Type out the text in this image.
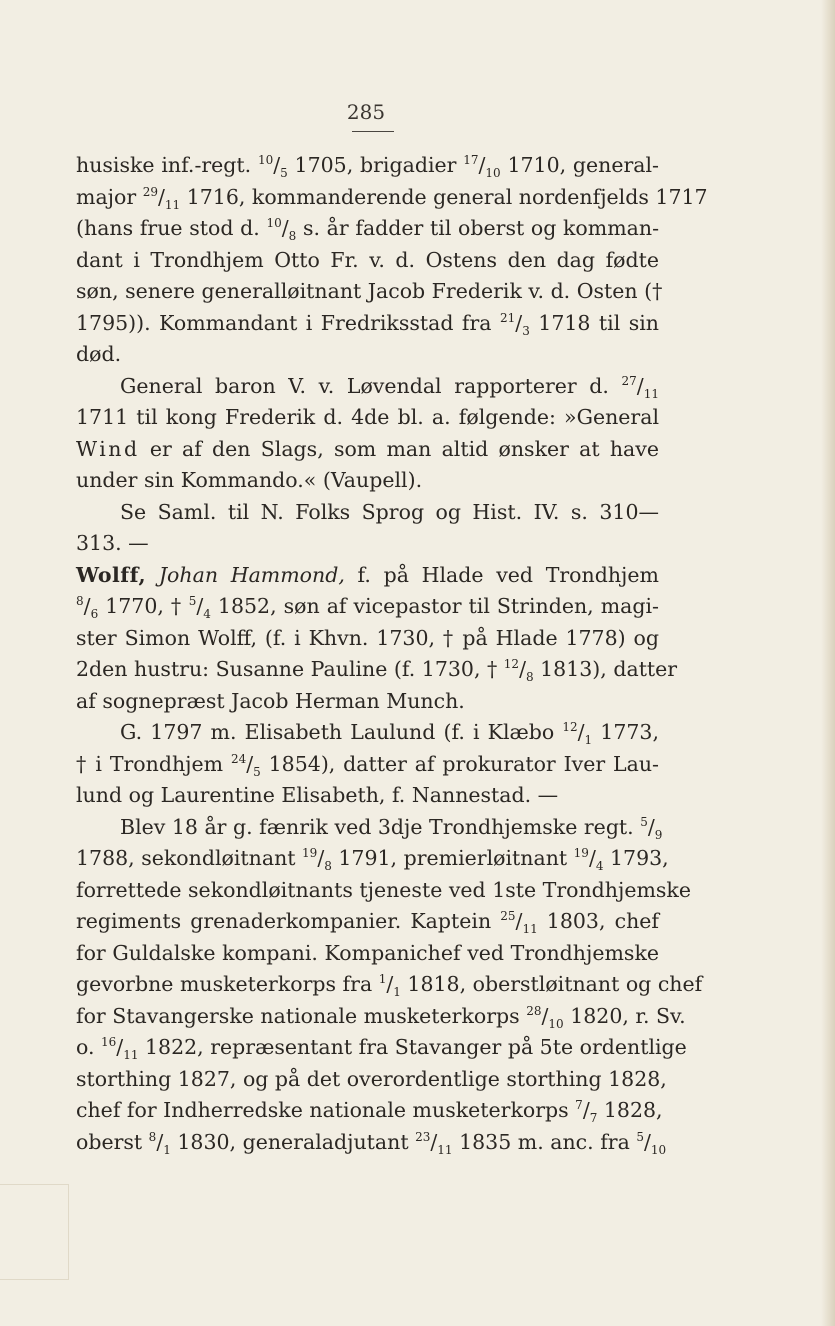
285
husiske inf.-regt. $^{10}/_5$ 1705, brigadier $^{17}/_{10}$ 1710, general-
major $^{29}/_{11}$ 1716, kommanderende general nordenfjelds 1717
(hans frue stod d. $^{10}/_8$ s. år fadder til oberst og komman-
dant i Trondhjem Otto Fr. v. d. Ostens den dag fødte
søn, senere generalløitnant Jacob Frederik v. d. Osten (†
1795)). Kommandant i Fredriksstad fra $^{21}/_3$ 1718 til sin
død.
General baron V. v. Løvendal rapporterer d. $^{27}/_{11}$
1711 til kong Frederik d. 4de bl. a. følgende: »General
Wind er af den Slags, som man altid ønsker at have
under sin Kommando.« (Vaupell).
Se Saml. til N. Folks Sprog og Hist. IV. s. 310—
313. —
Wolff, Johan Hammond, f. på Hlade ved Trondhjem
$^8/_6$ 1770, † $^5/_4$ 1852, søn af vicepastor til Strinden, magi-
ster Simon Wolff, (f. i Khvn. 1730, † på Hlade 1778) og
2den hustru: Susanne Pauline (f. 1730, † $^{12}/_8$ 1813), datter
af sognepræst Jacob Herman Munch.
G. 1797 m. Elisabeth Laulund (f. i Klæbo $^{12}/_1$ 1773,
† i Trondhjem $^{24}/_5$ 1854), datter af prokurator Iver Lau-
lund og Laurentine Elisabeth, f. Nannestad. —
Blev 18 år g. fænrik ved 3dje Trondhjemske regt. $^5/_9$
1788, sekondløitnant $^{19}/_8$ 1791, premierløitnant $^{19}/_4$ 1793,
forrettede sekondløitnants tjeneste ved 1ste Trondhjemske
regiments grenaderkompanier. Kaptein $^{25}/_{11}$ 1803, chef
for Guldalske kompani. Kompanichef ved Trondhjemske
gevorbne musketerkorps fra $^1/_1$ 1818, oberstløitnant og chef
for Stavangerske nationale musketerkorps $^{28}/_{10}$ 1820, r. Sv.
o. $^{16}/_{11}$ 1822, repræsentant fra Stavanger på 5te ordentlige
storthing 1827, og på det overordentlige storthing 1828,
chef for Indherredske nationale musketerkorps $^7/_7$ 1828,
oberst $^8/_1$ 1830, generaladjutant $^{23}/_{11}$ 1835 m. anc. fra $^5/_{10}$
